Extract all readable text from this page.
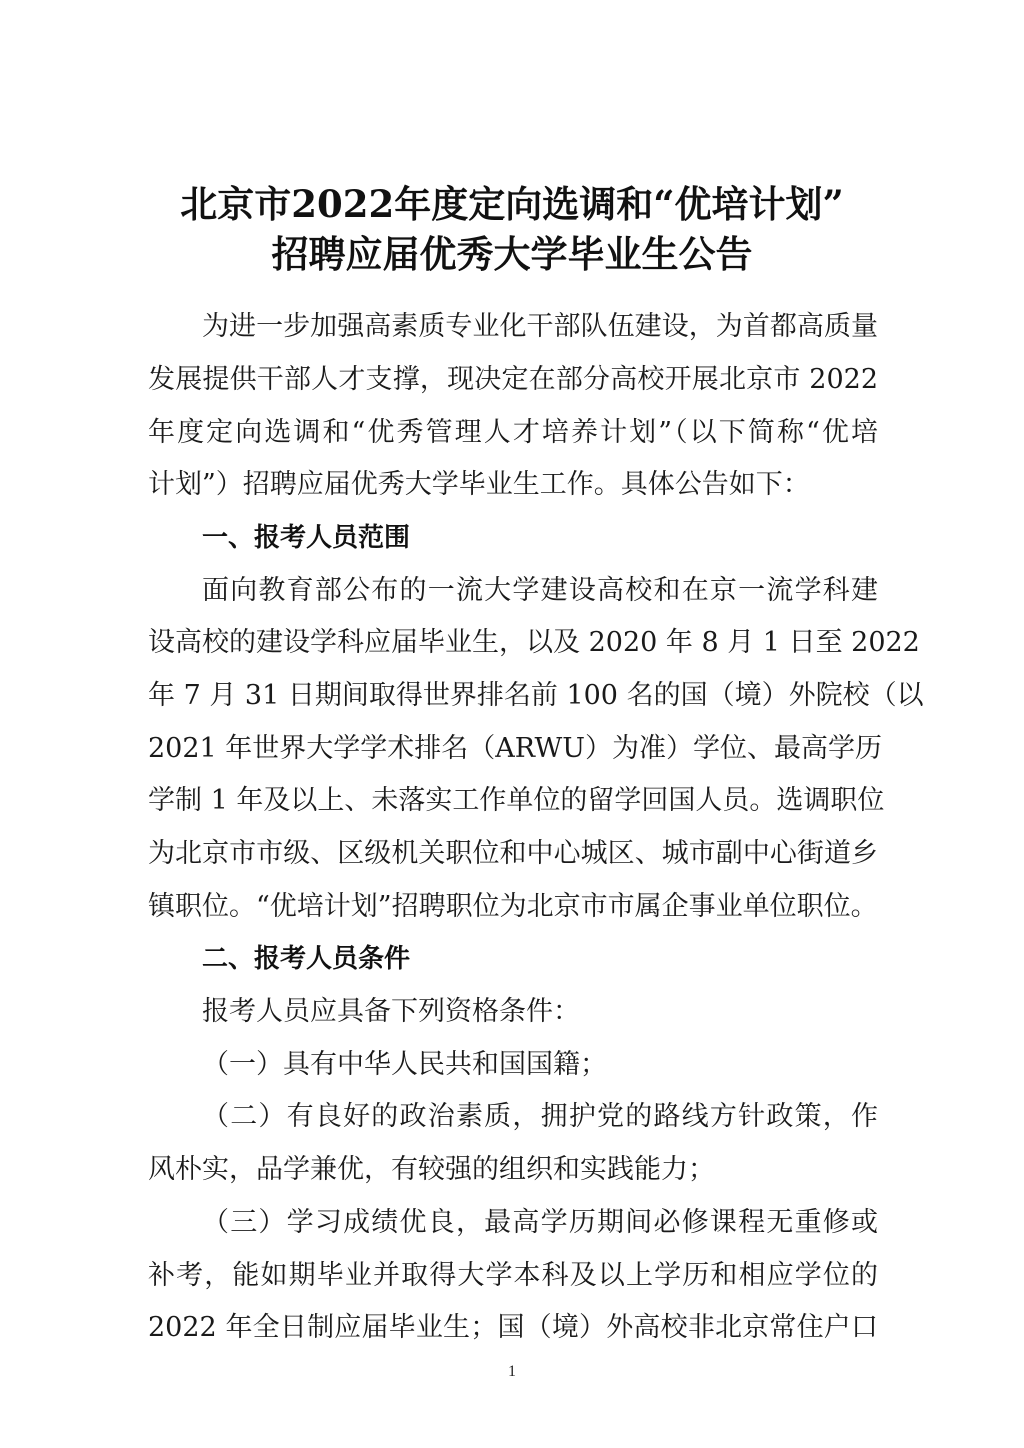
北京市2022年度定向选调和“优培计划”
招聘应届优秀大学毕业生公告
为进一步加强高素质专业化干部队伍建设，为首都高质量
发展提供干部人才支撑，现决定在部分高校开展北京市 2022
年度定向选调和“优秀管理人才培养计划”（以下简称“优培
计划”）招聘应届优秀大学毕业生工作。具体公告如下：
一、报考人员范围
面向教育部公布的一流大学建设高校和在京一流学科建
设高校的建设学科应届毕业生，以及 2020 年 8 月 1 日至 2022
年 7 月 31 日期间取得世界排名前 100 名的国（境）外院校（以
2021 年世界大学学术排名（ARWU）为准）学位、最高学历
学制 1 年及以上、未落实工作单位的留学回国人员。选调职位
为北京市市级、区级机关职位和中心城区、城市副中心街道乡
镇职位。“优培计划”招聘职位为北京市市属企事业单位职位。
二、报考人员条件
报考人员应具备下列资格条件：
（一）具有中华人民共和国国籍；
（二）有良好的政治素质，拥护党的路线方针政策，作
风朴实，品学兼优，有较强的组织和实践能力；
（三）学习成绩优良，最高学历期间必修课程无重修或
补考，能如期毕业并取得大学本科及以上学历和相应学位的
2022 年全日制应届毕业生；国（境）外高校非北京常住户口
1
